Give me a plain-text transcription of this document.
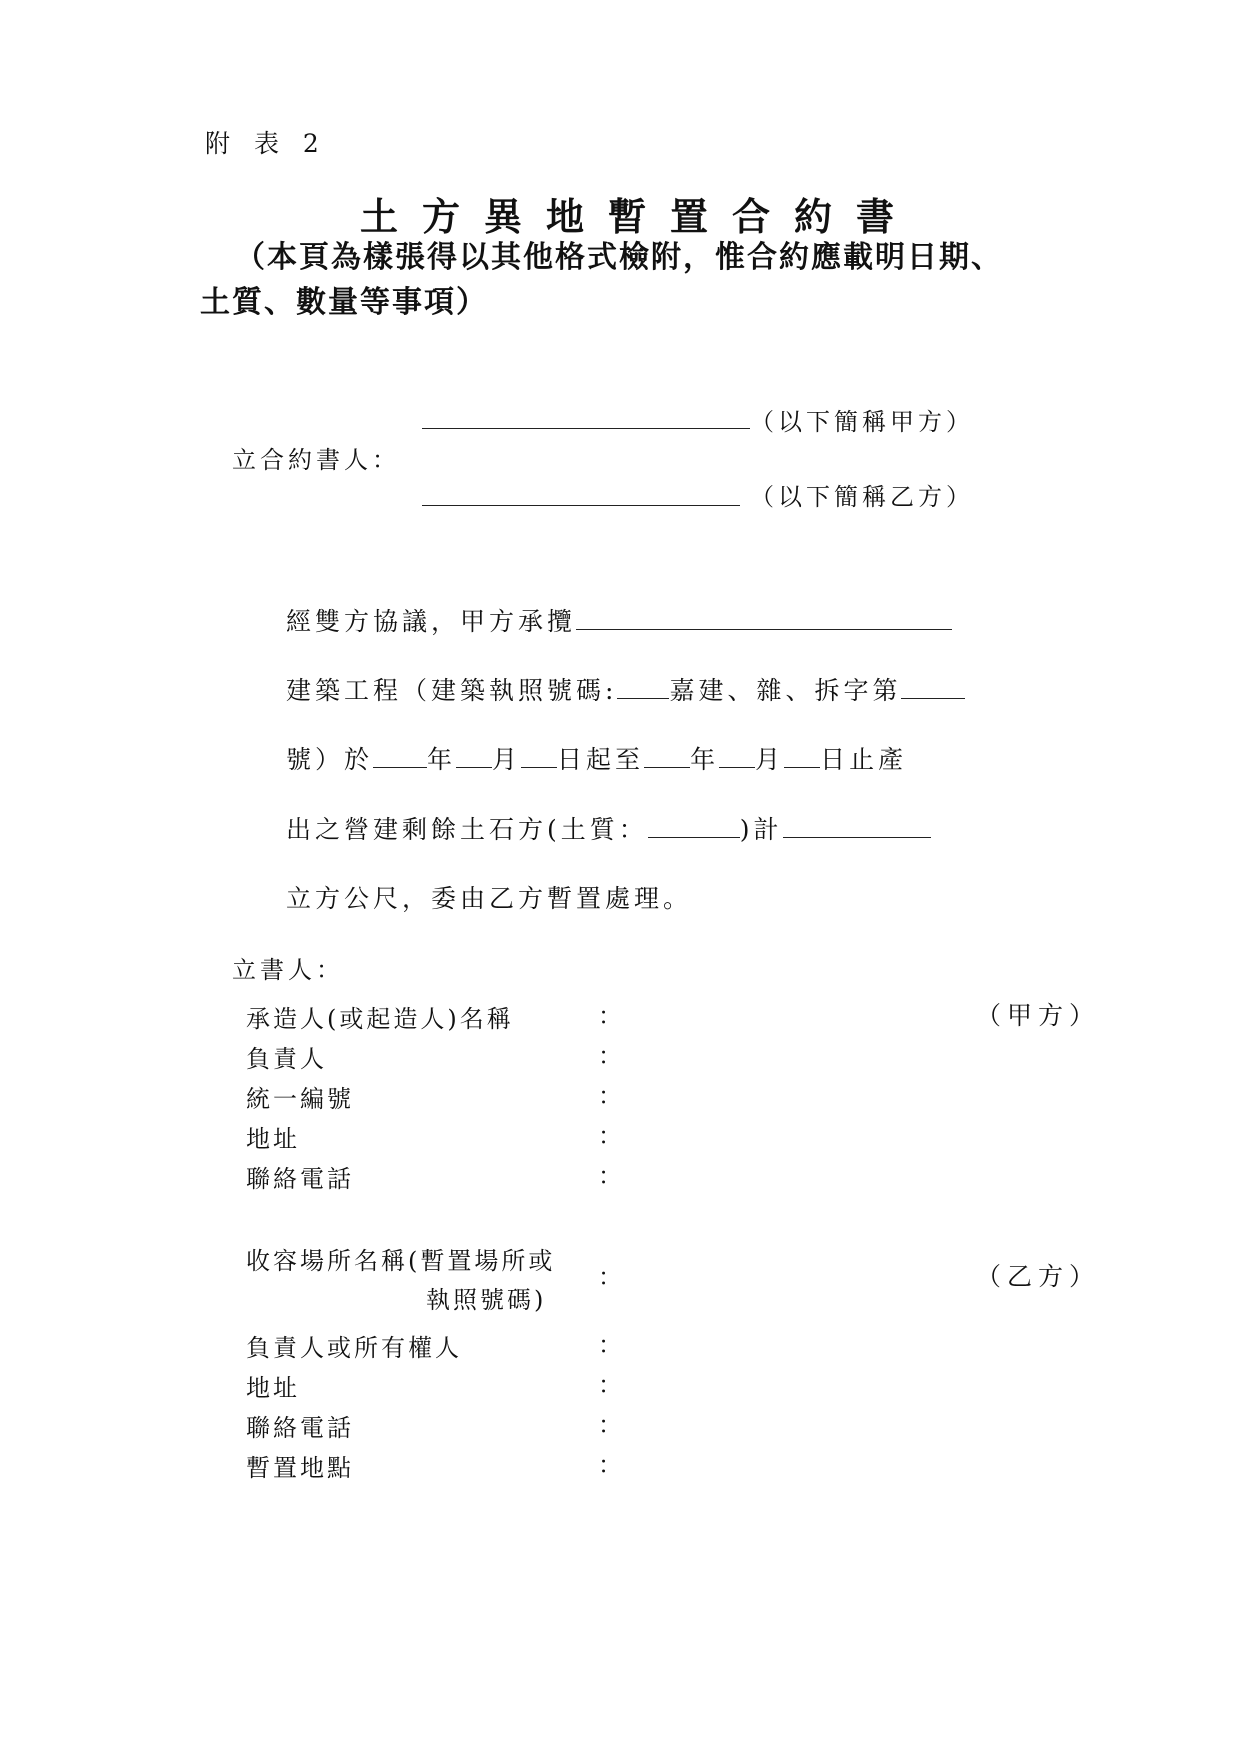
附 表 2
土方異地暫置合約書
（本頁為樣張得以其他格式檢附，惟合約應載明日期、
土質、數量等事項）
（以下簡稱甲方）
立合約書人：
（以下簡稱乙方）
經雙方協議，甲方承攬
建築工程（建築執照號碼: 嘉建、雜、拆字第
號）於 年 月 日起至 年 月 日止產
出之營建剩餘土石方(土質：	)計
立方公尺，委由乙方暫置處理。
立書人：
承造人(或起造人)名稱	：	（甲方）
負責人	：
統一編號	：
地址	：
聯絡電話	：
收容場所名稱(暫置場所或
執照號碼)
：	（乙方）
負責人或所有權人	：
地址	：
聯絡電話	：
暫置地點	：
